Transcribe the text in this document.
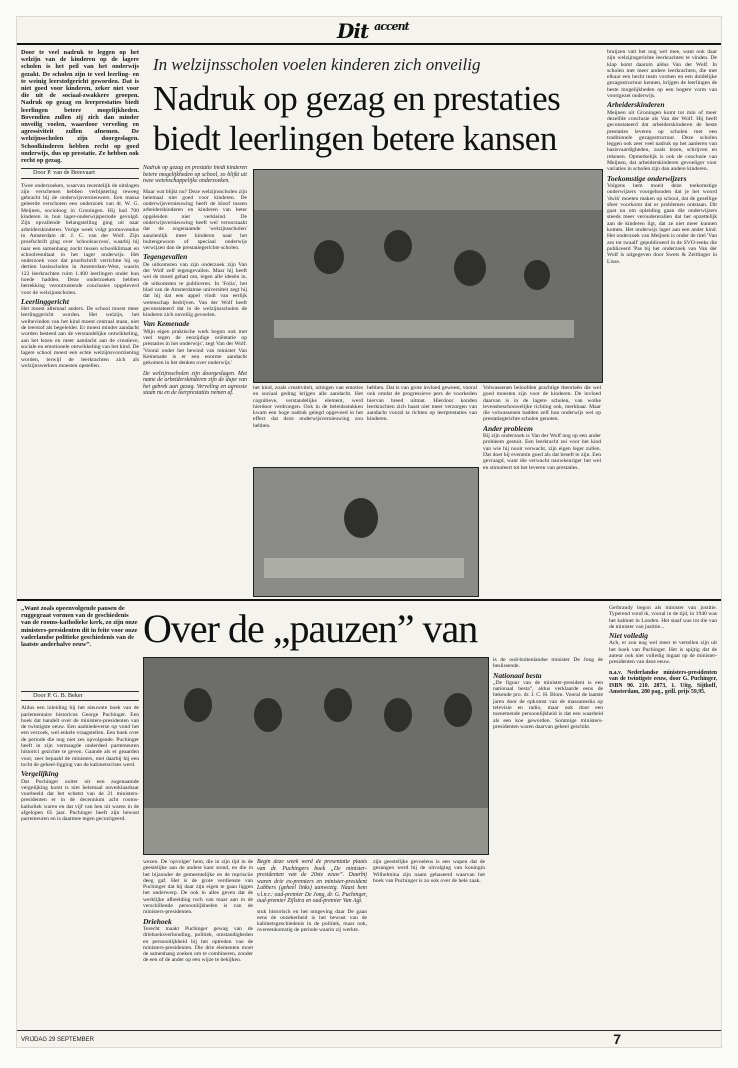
Dit $^{accent}$
Door te veel nadruk te leggen op het welzijn van de kinderen op de lagere scholen is het peil van het onderwijs gezakt. De scholen zijn te veel leerling- en te weinig leerstofgericht geworden. Dat is niet goed voor kinderen, zeker niet voor die uit de sociaal-zwakkere groepen. Nadruk op gezag en leerprestaties biedt leerlingen betere mogelijkheden. Bovendien zullen zij zich dan minder onveilig voelen, waardoor verveling en agressiviteit zullen afnemen. De welzijnsscholen zijn doorgeslagen. Schoolkinderen hebben recht op goed onderwijs, dus op prestatie. Ze hebben ook recht op gezag.
Door P. van de Breevaart
Twee onderzoeken, waarvan recentelijk de uitslagen zijn verschenen hebben verbijstering teweeg gebracht bij de onderwijsvernieuwers. Een massa geleerde verschoten een onderzoek van dr. W. G. Meijnen, socioloog in Groningen. Hij had 700 kinderen in hun lager-onderwijsperiode gevolgd. Zijn opvallende belangstelling ging uit naar arbeiderskinderen. Vorige week volgt promovendus in Amsterdam dr. J. C. van der Wolf. Zijn proefschrift ging over 'schoolsuccess', waarbij hij naar een samenhang zocht tussen schoolklimaat en schoolresultaat in het lager onderwijs. Het onderzoek voor dat proefschrift verrichtte hij op dertien basisscholen in Amsterdam-West, waarin 122 leerkrachten ruim 1.400 leerlingen onder hun hoede hadden. Deze onderzoeken hebben betrekking verontrustende conclusies opgeleverd voor de welzijnsscholen.
Leerlinggericht
Het moest allemaal anders. De school moest meer leerlinggericht worden. Het welzijn, het welbevinden van het kind moest centraal staan, niet de leerstof als begeleider. Er moest minder aandacht worden besteed aan de verstandelijke ontwikkeling, aan het lezen en meer aandacht aan de creatieve, sociale en emotionele ontwikkeling van het kind. De lagere school moest een echte welzijnsvoorziening worden, terwijl de leerkrachten zich als welzijnswerkers moesten opstellen.
In welzijnsscholen voelen kinderen zich onveilig
Nadruk op gezag en prestaties
biedt leerlingen betere kansen
Nadruk op gezag en prestatie biedt kinderen betere mogelijkheden op school, zo blijkt uit twee wetenschappelijke onderzoeken.
Maar wat blijkt nu? Deze welzijnsscholen zijn helemaal niet goed voor kinderen. De onderwijsvernieuwing heeft de kloof tussen arbeiderskinderen en kinderen van beter opgeleiden niet verkleind. De onderwijsvernieuwing heeft wel veroorzaakt dat de zogenaamde 'welzijnsscholen' aanzienlijk meer kinderen naar het buitengewoon of speciaal onderwijs verwijzen dan de prestatiegerichte scholen.
Tegengevallen
De uitkomsten van zijn onderzoek zijn Van der Wolf zelf tegengevallen. Maar hij heeft wel de moed gehad om, tegen alle ideeën in, de uitkomsten te publiceren. In 'Folia', het blad van de Amsterdamse universiteit zegt hij dat hij dat een appel vindt van eerlijk wetenschap bedrijven. Van der Wolf heeft geconstateerd dat in de welzijnsscholen de kinderen zich onveilig gevoelen.
Van Kemenade
'Mijn eigen praktische werk begon ook met veel tegen de eenzijdige oriëntatie op prestaties in het onderwijs', zegt Van der Wolf. 'Vooral onder het bewind van minister Van Kemenade is er een enorme aandacht gekomen in het denken over onderwijs.'
De welzijnsscholen zijn doorgeslagen. Met name de arbeiderskinderen zijn de dupe van het gebrek aan gezag. Verveling en agressie staan nu en de leerprestaties nemen af.
het kind, zoals creativiteit, uitingen van emoties en sociaal gedrag krijgen alle aandacht. Het cognitieve, verstandelijke element, werd hierdoor verdrongen. Ook in de beleidsstukken kwam een hoge nadruk gelegd opgevoed in het effect dat deze onderwijsvernieuwing zou hebben.
hebben. Dat is van grote invloed geweest, vooral ook omdat de progressieve pers de voorkeden hiervan breed uitmat. Hierdoor konden leerkrachten zich haast niet meer verzorgen van aandacht vooral ta richten op leerprestaties van kinderen.
Volwassenen beloofden prachtige theorieën die wel goed moesten zijn voor de kinderen. De invloed daarvan is in de lagere scholen, van wolke levensbeschouwelijke richting ook, merkbaar. Maar die volwassenen hadden zelf hun onderwijs wel op prestatiegerichte scholen genoten.
Ander probleem
Bij zijn onderzoek is Van der Wolf nog op een ander probleem gestuit. Een leerkracht zei voor het kind van wie hij nooit verwacht, zijn eigen leger zullen. Dat doet hij evenmin goed als dat beseft te zijn. Een gevraagd, want die verwacht nauwkeuriger het wel en stimuleert tot het leveren van prestaties.
bruijzen valt het nog wel mee, want ook daar zijn welzijnsgerichte leerkrachten te vinden. De klap komt daarom aldus Van der Wolf. In scholen met meer andere leerkrachten, die met elkaar een hecht team vormen en een duidelijke gezagsstructuur kennen, krijgen de leerlingen de beste mogelijkheden op een hogere vorm van voortgezet onderwijs.
Arbeiderskinderen
Meijnen uit Groningen komt tot min of meer dezelfde conclusie als Van der Wolf. Hij heeft geconstateerd dat arbeiderskinderen de beste prestaties leveren op scholen met een traditionele gezagsstructuur. Deze scholen leggen ook zeer veel nadruk op het aanleren van basisvaardigheden, zoals lezen, schrijven en rekenen. Opmerkelijk is ook de conclusie van Meijnen, dat arbeiderskinderen gevoeliger voor variaties in scholen zijn dan andere kinderen.
Toekomstige onderwijzers
Volgens hem moeit deze toekomstige onderwijzers voorgehouden dat je het woord 'dwik' moeten maken op school, dat de gezellige sfeer voorkomt dat er problemen ontstaan. Dit gaat nu om opleiding gaan die onderwijzers steeds meer veroudererallen dat het opzettelijk aan de kinderen ligt, dat ze niet meer kunnen komen. Het onderwijs lager aan een ander kind. Het onderzoek van Meijnen is onder de titel 'Van zes tot twaalf' gepubliceerd in de SVO-reeks die publiceerd 'Pas bij het onderzoek van Van der Wolf is uitgegeven door Swets & Zeitlinger in Lisse.
„Want zoals opeenvolgende pausen de ruggegraat vormen van de geschiedenis van de rooms-katholieke kerk, zo zijn onze ministers-presidenten dit in feite voor onze vaderlandse politieke geschiedenis van de laatste anderhalve eeuw”.	Over de „pauzen” van
Door P. G. B. Beker
Aldus een inleiding bij het nieuwste boek van de parlementaire historicus George Puchinger. Een boek dat handelt over de ministers-presidenten van de twintigste eeuw. Een aanbiedeverse op vond het een verzoek, wel enkele vraagstellen. Een boek over de periode die nog niet zes opvolgende. Puchinger heeft in zijn vermaagde onderdeel partemeuren historici gezichte te geven. Gaande als er geaarden voor, zeer bepaald de ministers, met daarbij hij een tocht de geheel-ligging van de kabinetscrises werd.
Vergelijking
Dat Puchinger ooiter uit een zogenaamde vergelijking komt is niet helemaal onverklaarbaar voorbeeld dat het schetst van de 21 ministers-presidenten er in de decennium acht rooms-katholiek waren en dat vijf van hen uit waren in de afgelopen 65 jaar. Puchinger heeft zijn bewust partemeuren en is daarmee tegen gecorrigeerd.
wezen. De 'opvolger' hem, die in zijn tijd in de geestelijke aan de andere kant stond, en die in het bijzonder de gemeentelijke en de reprisciie deeg gaf. Het is de grote verdienste van Puchinger dat hij daar zijn eigen te gaan liggen het onderwerp. De ook in alles geven dat de werklijke afbeelding toch van maar aan in de verschillende persoonlijkheden is van de ministers-presidenten.
Driehoek
Terecht maakt Puchinger gewag van de driehoeksverhouding, politiek, omstandigheden en persoonlijkheid bij het optreden van de ministers-presidenten. Die drie elementen moet de samenhang zoeken om te combineren, zonder de een of de ander op een wijze te bekijken.
Begin deze week werd de presentatie plaats van dr. Puchingers boek „De minister-presidenten van de 20ste eeuw”. Daarbij waren drie ex-premiers en minister-president Lubbers (geheel links) aanwezig. Naast hem v.l.n.r.: oud-premier De Jong, dr. G. Puchinger, oud-premier Zijlstra en oud-premier Van Agt.
stuk historisch en het omgeving daar De gaan eens de onzekerheid is het bewust van de kabinetsgeschiedenis in de politiek, maar ook, overeenkomstig de periode waarin zij werkte.
zijn geestelijke gevoelens is een wapen dat de gezangen werd bij de uitvalging van koningin Wilhelmina zijn naam gebaseerd waarvan het boek van Puchinger is zo ook over de hele zaak.
is de oud-buitenlandse minister De Jong de beslissende.
Nationaal besta
„De figuur van de minister-president is een nationaal besta”, aldus verklaarde eens de bekende pro. dr. J. C. H. Blom. Vooral de laatste jaren door de opkomst van de massamedia op televisie en radio, maar ook door een toenemende persoonlijkheid is dat een waarheid als een koe geworden. Sommige ministers-presidenten waren daarvan geheel geschikt.
Gerbrandy begon als minister van justitie. Typerend vond ik, vooral in de tijd, in 1940 was het kabinet in Londen. Het staaf was tot die van de minister van justitie...
Niet volledig
Ach, er zou nog wel meer te vertellen zijn uit het boek van Puchinger. Het is spijtig dat de auteur ook niet volledig ingaat op de minister-presidenten van deze eeuw.
n.a.v. Nederlandse ministers-presidenten van de twintigste eeuw, door G. Puchinger, ISBN 90. 210. 2873, 1. Uitg. Sijthoff, Amsterdam, 280 pag., geill. prijs 59,95.
VRIJDAG 29 SEPTEMBER	7
